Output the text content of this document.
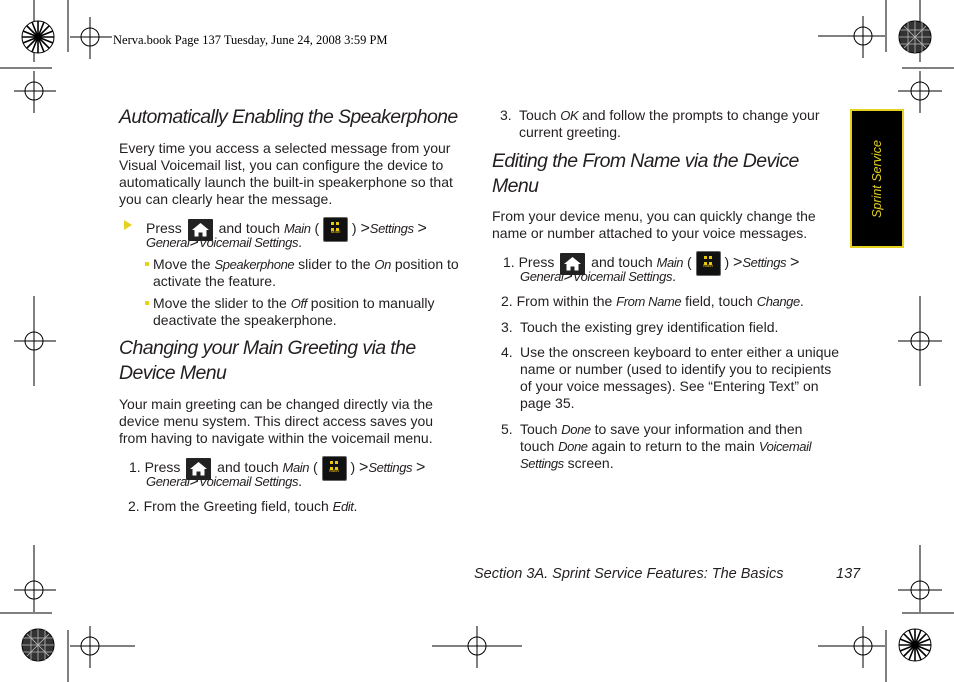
Nerva.book Page 137 Tuesday, June 24, 2008 3:59 PM
Automatically Enabling the Speakerphone
Every time you access a selected message from your Visual Voicemail list, you can configure the device to automatically launch the built-in speakerphone so that you can clearly hear the message.
Press	and touch Main (	Main ) >Settings >
General>Voicemail Settings.
Move the Speakerphone slider to the On position to
activate the feature.
Move the slider to the Off position to manually
deactivate the speakerphone.
Changing your Main Greeting via the
Device Menu
Your main greeting can be changed directly via the device menu system. This direct access saves you from having to navigate within the voicemail menu.
1. Press	and touch Main (	Main ) >Settings >
General>Voicemail Settings.
2. From the Greeting field, touch Edit.
3. Touch OK and follow the prompts to change your
current greeting.
Editing the From Name via the Device
Menu
From your device menu, you can quickly change the name or number attached to your voice messages.
1. Press	and touch Main (	Main ) >Settings >
General>Voicemail Settings.
2. From within the From Name field, touch Change.
3. Touch the existing grey identification field.
4. Use the onscreen keyboard to enter either a unique name or number (used to identify you to recipients of your voice messages). See “Entering Text” on page 35.
5. Touch Done to save your information and then touch Done again to return to the main Voicemail Settings screen.
Sprint Service
Section 3A. Sprint Service Features: The Basics	137
